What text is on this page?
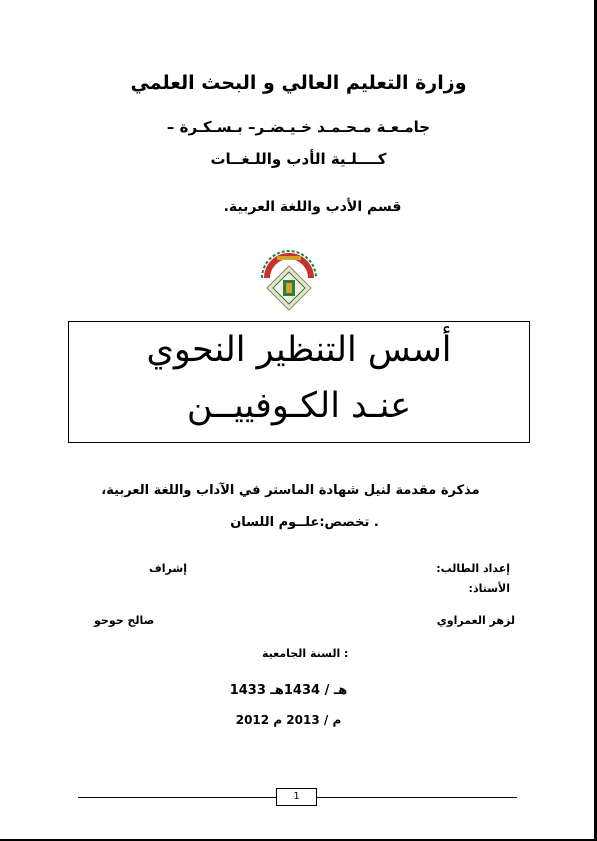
وزارة التعليم العالي و البحث العلمي
جامـعـة مـحـمـد خـيـضـر– بـسـكـرة –
كــــلـية الأدب واللـغــات
قسم الأدب واللغة العربية.
.
أسس التنظير النحوي
عنـد الكـوفييــن
مذكرة مقدمة لنيل شهادة الماستر في الآداب واللغة العربية،
. تخصص:علــوم اللسان
إعداد الطالب:
الأستاذ:
إشراف
لزهر العمراوي
صالح حوحو
: السنة الجامعية
هـ / 1434هـ 1433
م / 2013 م 2012
1
